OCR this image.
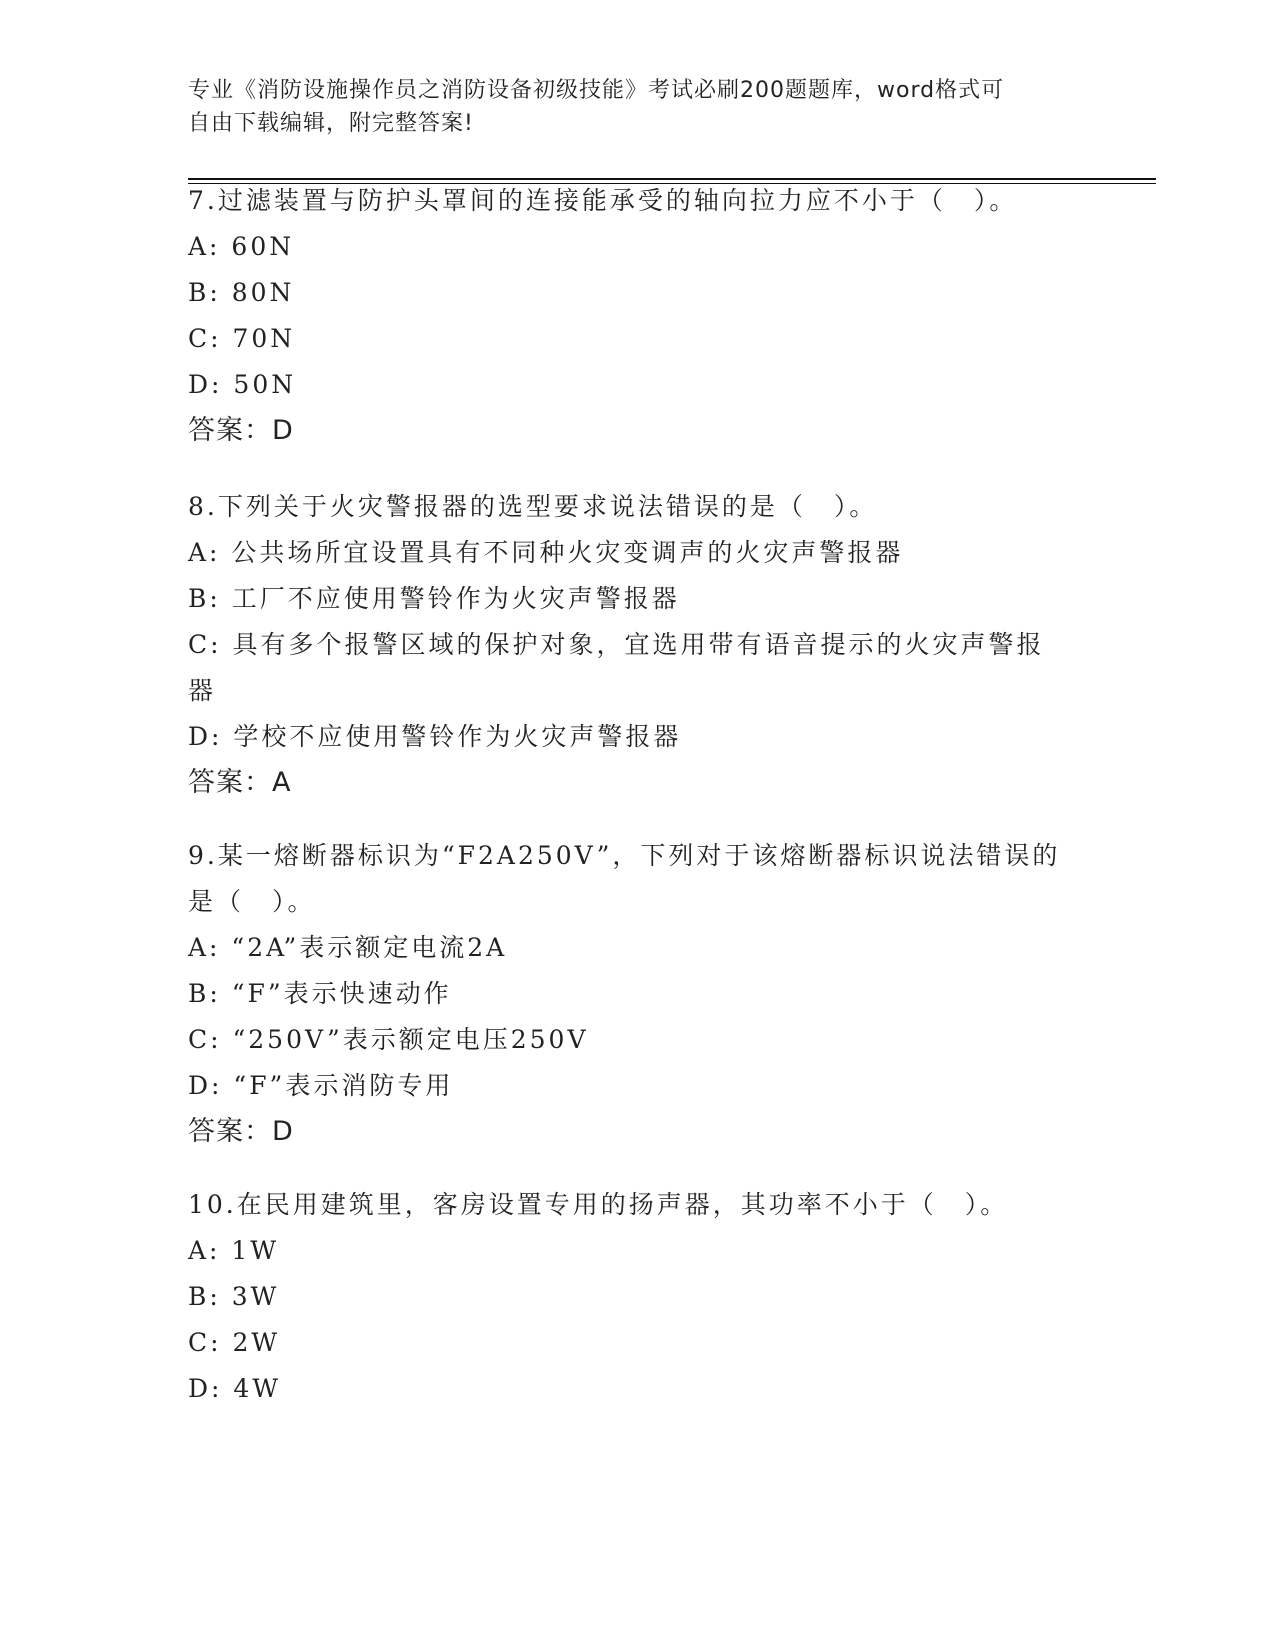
专业《消防设施操作员之消防设备初级技能》考试必刷200题题库，word格式可

自由下载编辑，附完整答案!

7.过滤装置与防护头罩间的连接能承受的轴向拉力应不小于（　）。
A: 60N
B: 80N
C: 70N
D: 50N
答案：D
8.下列关于火灾警报器的选型要求说法错误的是（　）。
A: 公共场所宜设置具有不同种火灾变调声的火灾声警报器
B: 工厂不应使用警铃作为火灾声警报器
C: 具有多个报警区域的保护对象，宜选用带有语音提示的火灾声警报器
D: 学校不应使用警铃作为火灾声警报器
答案：A
9.某一熔断器标识为“F2A250V”，下列对于该熔断器标识说法错误的是（　）。
A: “2A”表示额定电流2A
B: “F”表示快速动作
C: “250V”表示额定电压250V
D: “F”表示消防专用
答案：D
10.在民用建筑里，客房设置专用的扬声器，其功率不小于（　）。
A: 1W
B: 3W
C: 2W
D: 4W
